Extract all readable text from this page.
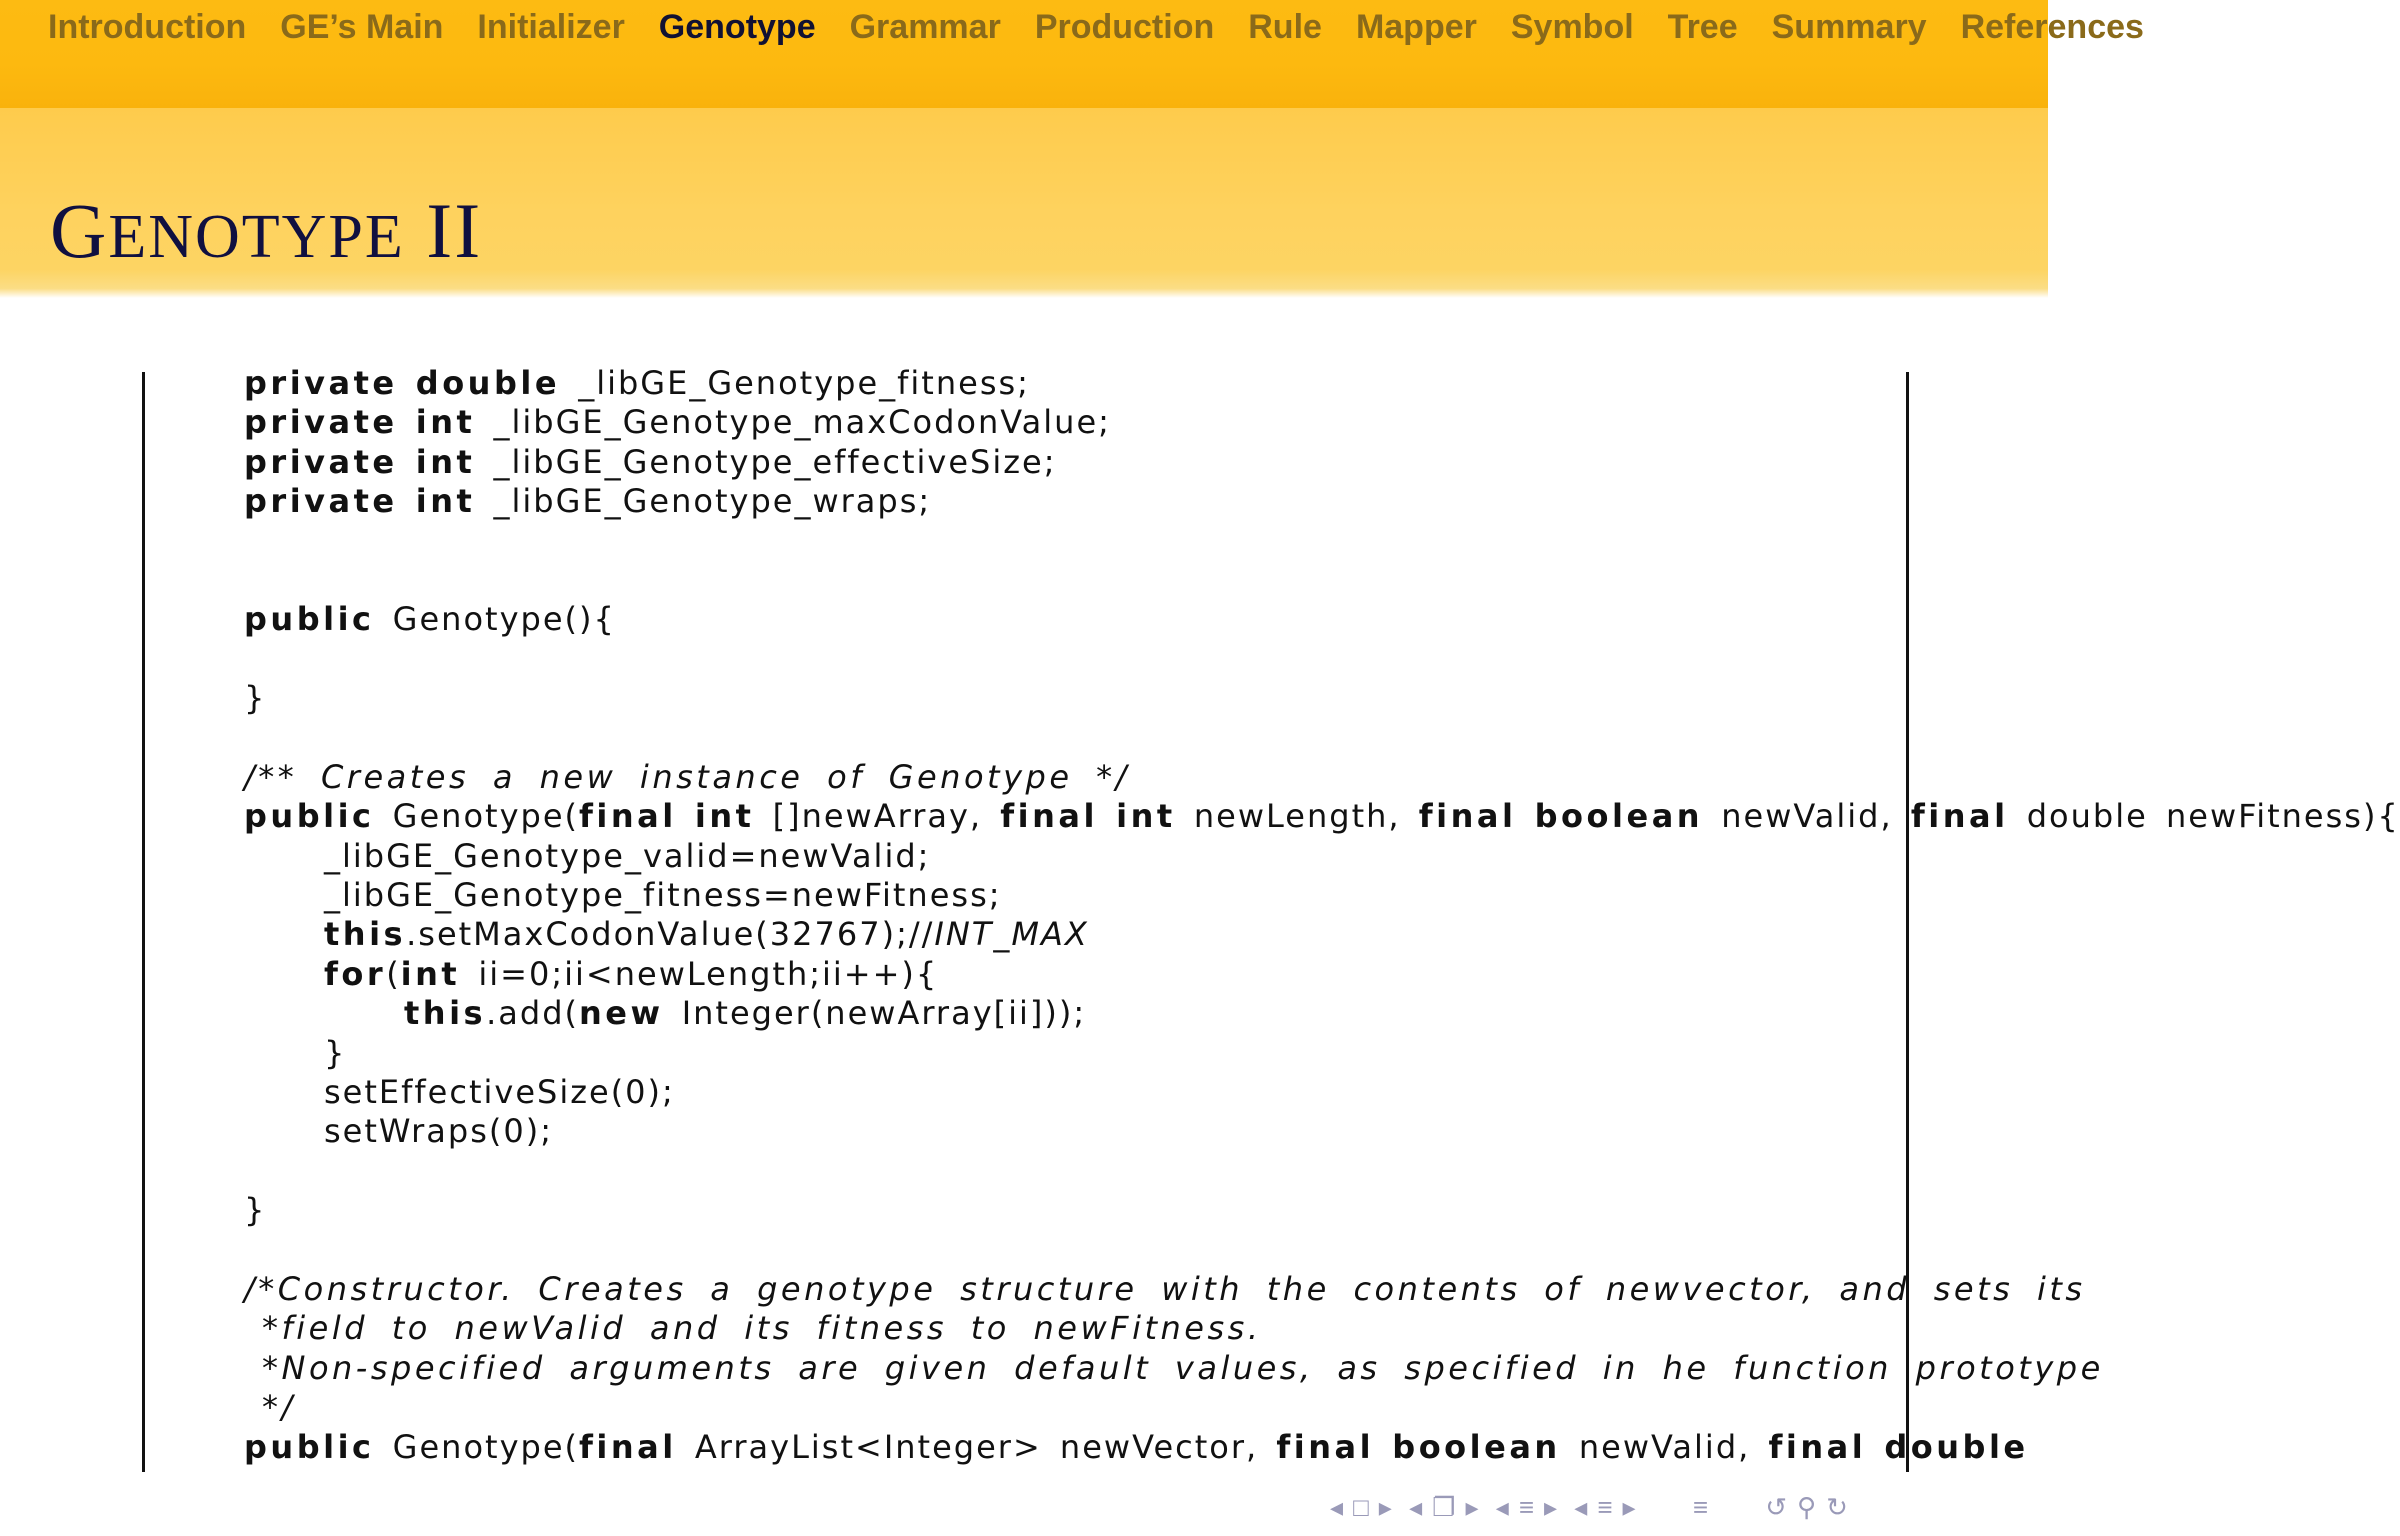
Introduction GE’s Main Initializer Genotype Grammar Production Rule Mapper Symbol Tree Summary References
GENOTYPE II
private double _libGE_Genotype_fitness;
private int _libGE_Genotype_maxCodonValue;
private int _libGE_Genotype_effectiveSize;
private int _libGE_Genotype_wraps;
public Genotype(){
}
/** Creates a new instance of Genotype */
public Genotype(final int []newArray, final int newLength, final boolean newValid, final double newFitness){
_libGE_Genotype_valid=newValid;
_libGE_Genotype_fitness=newFitness;
this.setMaxCodonValue(32767);//INT_MAX
for(int ii=0;ii<newLength;ii++){
this.add(new Integer(newArray[ii]));
}
setEffectiveSize(0);
setWraps(0);
}
/*Constructor. Creates a genotype structure with the contents of newvector, and sets its
*field to newValid and its fitness to newFitness.
*Non-specified arguments are given default values, as specified in he function prototype
*/
public Genotype(final ArrayList<Integer> newVector, final boolean newValid, final double
◂ □ ▸ ◂ ❐ ▸ ◂ ≡ ▸ ◂ ≡ ▸ ≡ ↺ ⚲ ↻
